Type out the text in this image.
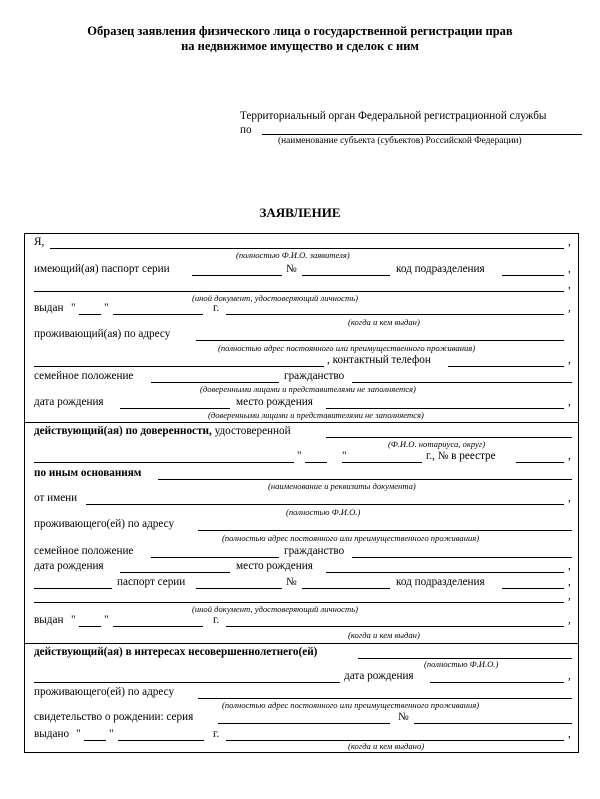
Образец заявления физического лица о государственной регистрации прав
на недвижимое имущество и сделок с ним
Территориальный орган Федеральной регистрационной службы
по
(наименование субъекта (субъектов) Российской Федерации)
ЗАЯВЛЕНИЕ
Я,	,
(полностью Ф.И.О. заявителя)
имеющий(ая) паспорт серии	№	код подразделения	,
,
(иной документ, удостоверяющий личность)
выдан "	"	г.	,
(когда и кем выдан)
проживающий(ая) по адресу
(полностью адрес постоянного или преимущественного проживания)
, контактный телефон	,
семейное положение	гражданство
(доверенными лицами и представителями не заполняется)
дата рождения	место рождения	,
(доверенными лицами и представителями не заполняется)
действующий(ая) по доверенности, удостоверенной
(Ф.И.О. нотариуса, округ)
"	"	г., № в реестре	,
по иным основаниям
(наименование и реквизиты документа)
от имени	,
(полностью Ф.И.О.)
проживающего(ей) по адресу
(полностью адрес постоянного или преимущественного проживания)
семейное положение	гражданство
дата рождения	место рождения	,
паспорт серии	№	код подразделения	,
,
(иной документ, удостоверяющий личность)
выдан "	"	г.	,
(когда и кем выдан)
действующий(ая) в интересах несовершеннолетнего(ей)
(полностью Ф.И.О.)
дата рождения	,
проживающего(ей) по адресу
(полностью адрес постоянного или преимущественного проживания)
свидетельство о рождении: серия	№
выдано "	"	г.	,
(когда и кем выдано)
